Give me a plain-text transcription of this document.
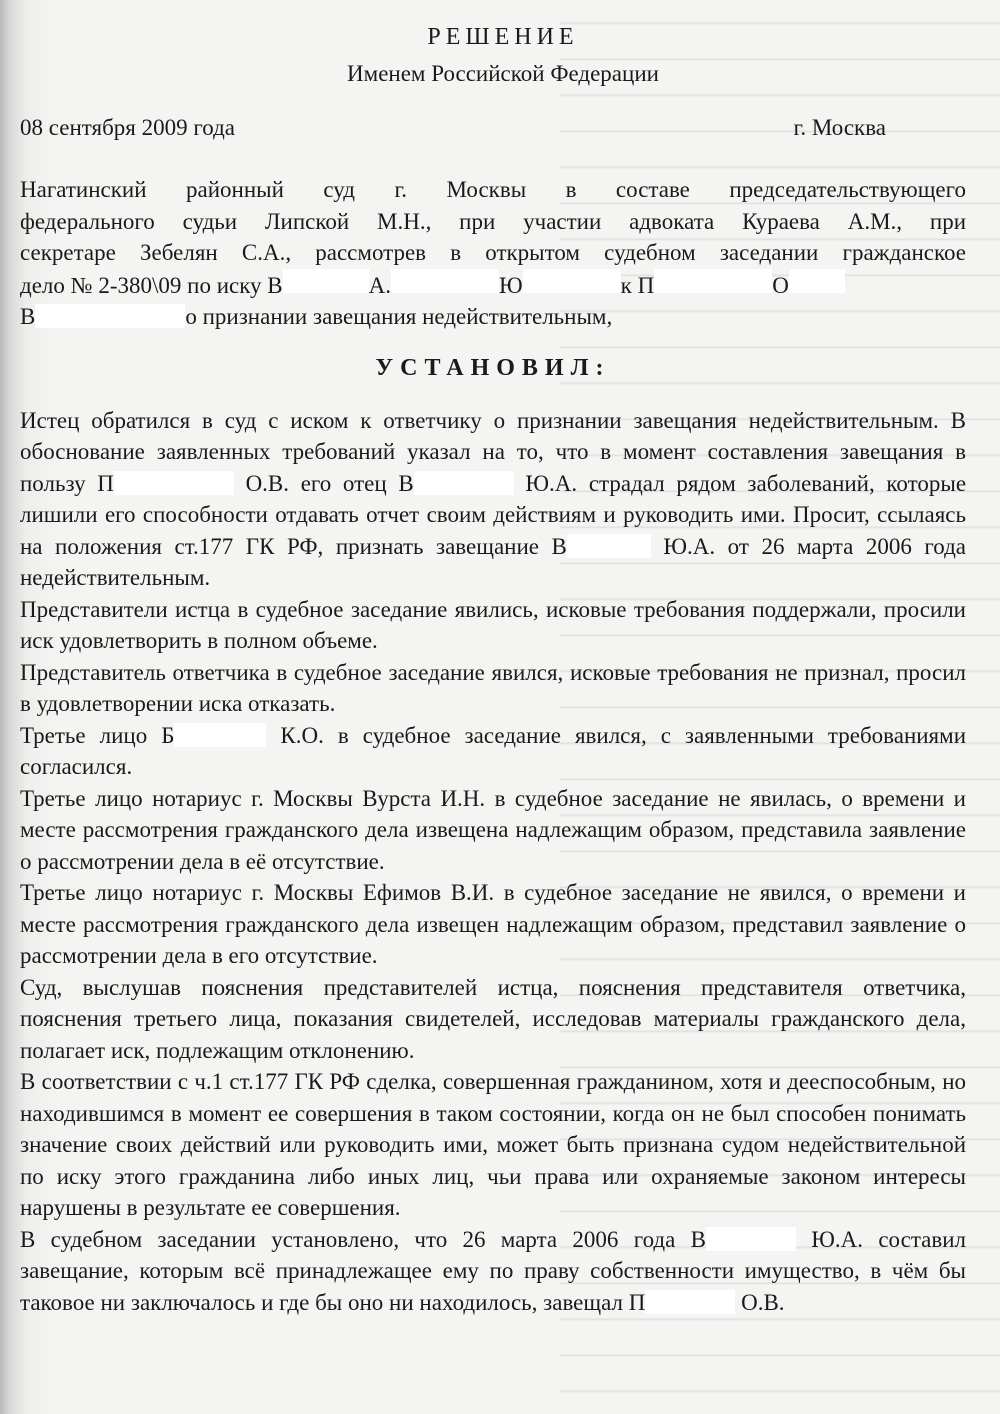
РЕШЕНИЕ
Именем Российской Федерации
08 сентября 2009 года	г. Москва

Нагатинский районный суд г. Москвы в составе председательствующего

федерального судьи Липской М.Н., при участии адвоката Кураева А.М., при

секретаре Зебелян С.А., рассмотрев в открытом судебном заседании гражданское

дело № 2-380\09 по иску В	А.	Ю	к П	О

В	о признании завещания недействительным,

УСТАНОВИЛ:

Истец обратился в суд с иском к ответчику о признании завещания недействительным. В обоснование заявленных требований указал на то, что в момент составления завещания в пользу П	О.В. его отец В	Ю.А. страдал рядом заболеваний, которые лишили его способности отдавать отчет своим действиям и руководить ими. Просит, ссылаясь на положения ст.177 ГК РФ, признать завещание В	Ю.А. от 26 марта 2006 года недействительным.

Представители истца в судебное заседание явились, исковые требования поддержали, просили иск удовлетворить в полном объеме.

Представитель ответчика в судебное заседание явился, исковые требования не признал, просил в удовлетворении иска отказать.

Третье лицо Б	К.О. в судебное заседание явился, с заявленными требованиями согласился.

Третье лицо нотариус г. Москвы Вурста И.Н. в судебное заседание не явилась, о времени и месте рассмотрения гражданского дела извещена надлежащим образом, представила заявление о рассмотрении дела в её отсутствие.

Третье лицо нотариус г. Москвы Ефимов В.И. в судебное заседание не явился, о времени и месте рассмотрения гражданского дела извещен надлежащим образом, представил заявление о рассмотрении дела в его отсутствие.

Суд, выслушав пояснения представителей истца, пояснения представителя ответчика, пояснения третьего лица, показания свидетелей, исследовав материалы гражданского дела, полагает иск, подлежащим отклонению.

В соответствии с ч.1 ст.177 ГК РФ сделка, совершенная гражданином, хотя и дееспособным, но находившимся в момент ее совершения в таком состоянии, когда он не был способен понимать значение своих действий или руководить ими, может быть признана судом недействительной по иску этого гражданина либо иных лиц, чьи права или охраняемые законом интересы нарушены в результате ее совершения.

В судебном заседании установлено, что 26 марта 2006 года В	Ю.А. составил завещание, которым всё принадлежащее ему по праву собственности имущество, в чём бы таковое ни заключалось и где бы оно ни находилось, завещал П	О.В.
